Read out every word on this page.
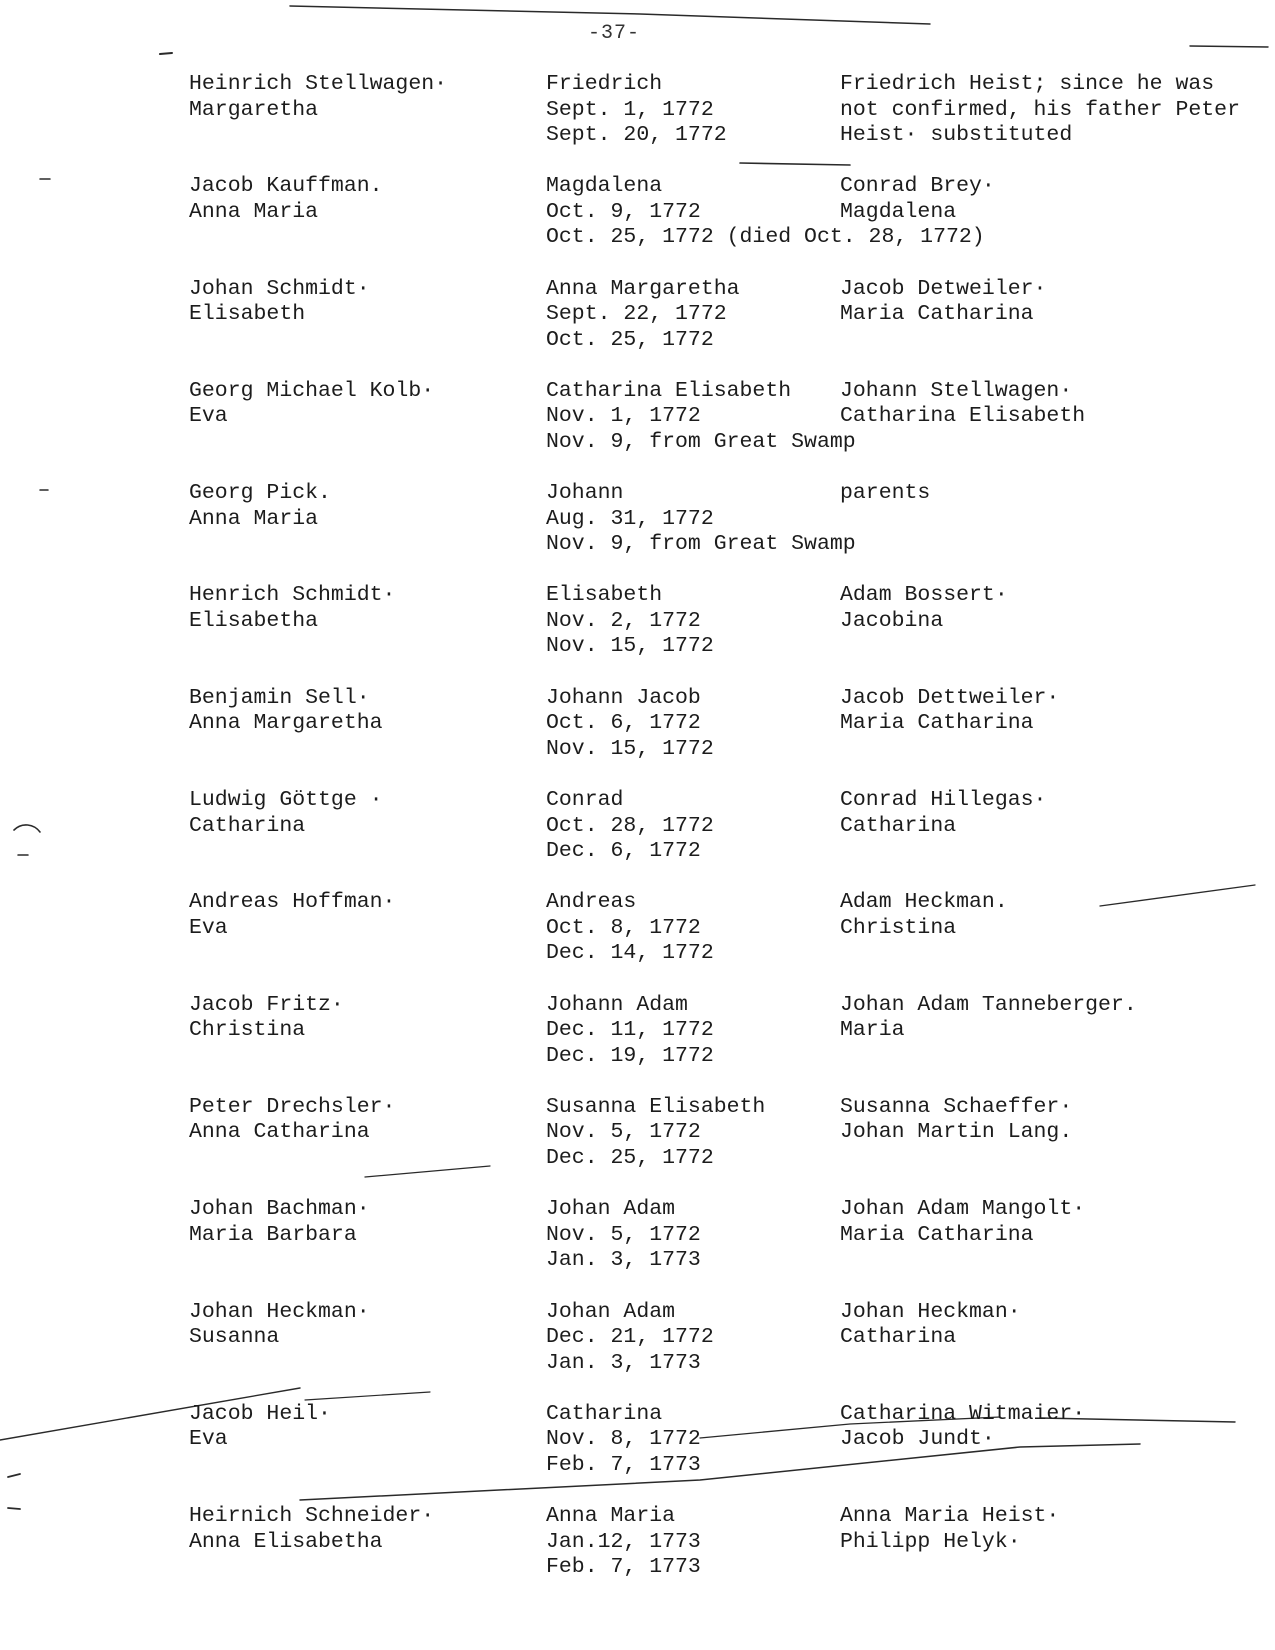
-37-
Heinrich Stellwagen·
Margaretha
Friedrich
Sept. 1, 1772
Sept. 20, 1772
Friedrich Heist; since he was
not confirmed, his father Peter
Heist· substituted
Jacob Kauffman.
Anna Maria
Magdalena
Oct. 9, 1772
Oct. 25, 1772 (died Oct. 28, 1772)
Conrad Brey·
Magdalena
Johan Schmidt·
Elisabeth
Anna Margaretha
Sept. 22, 1772
Oct. 25, 1772
Jacob Detweiler·
Maria Catharina
Georg Michael Kolb·
Eva
Catharina Elisabeth
Nov. 1, 1772
Nov. 9, from Great Swamp
Johann Stellwagen·
Catharina Elisabeth
Georg Pick.
Anna Maria
Johann
Aug. 31, 1772
Nov. 9, from Great Swamp
parents
Henrich Schmidt·
Elisabetha
Elisabeth
Nov. 2, 1772
Nov. 15, 1772
Adam Bossert·
Jacobina
Benjamin Sell·
Anna Margaretha
Johann Jacob
Oct. 6, 1772
Nov. 15, 1772
Jacob Dettweiler·
Maria Catharina
Ludwig Göttge ·
Catharina
Conrad
Oct. 28, 1772
Dec. 6, 1772
Conrad Hillegas·
Catharina
Andreas Hoffman·
Eva
Andreas
Oct. 8, 1772
Dec. 14, 1772
Adam Heckman.
Christina
Jacob Fritz·
Christina
Johann Adam
Dec. 11, 1772
Dec. 19, 1772
Johan Adam Tanneberger.
Maria
Peter Drechsler·
Anna Catharina
Susanna Elisabeth
Nov. 5, 1772
Dec. 25, 1772
Susanna Schaeffer·
Johan Martin Lang.
Johan Bachman·
Maria Barbara
Johan Adam
Nov. 5, 1772
Jan. 3, 1773
Johan Adam Mangolt·
Maria Catharina
Johan Heckman·
Susanna
Johan Adam
Dec. 21, 1772
Jan. 3, 1773
Johan Heckman·
Catharina
Jacob Heil·
Eva
Catharina
Nov. 8, 1772
Feb. 7, 1773
Catharina Witmaier·
Jacob Jundt·
Heirnich Schneider·
Anna Elisabetha
Anna Maria
Jan.12, 1773
Feb. 7, 1773
Anna Maria Heist·
Philipp Helyk·
